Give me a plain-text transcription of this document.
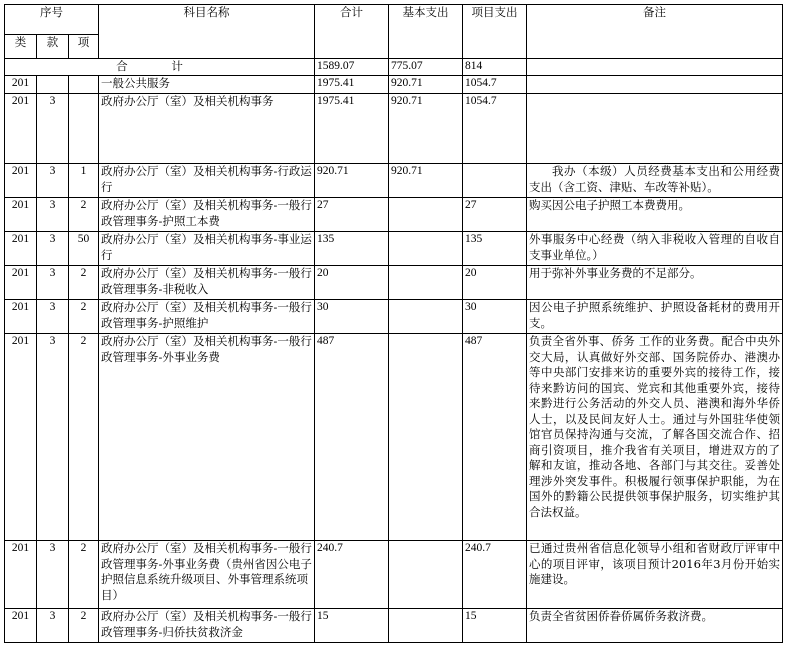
序号			科目名称	合计	基本支出	项目支出	备注
类	款	项					
合 计				1589.07	775.07	814	
201			一般公共服务	1975.41	920.71	1054.7	
201	3		政府办公厅（室）及相关机构事务	1975.41	920.71	1054.7	
201	3	1	政府办公厅（室）及相关机构事务-行政运行	920.71	920.71		我办（本级）人员经费基本支出和公用经费支出（含工资、津贴、车改等补贴）。
201	3	2	政府办公厅（室）及相关机构事务-一般行政管理事务-护照工本费	27		27	购买因公电子护照工本费费用。
201	3	50	政府办公厅（室）及相关机构事务-事业运行	135		135	外事服务中心经费（纳入非税收入管理的自收自支事业单位。）
201	3	2	政府办公厅（室）及相关机构事务-一般行政管理事务-非税收入	20		20	用于弥补外事业务费的不足部分。
201	3	2	政府办公厅（室）及相关机构事务-一般行政管理事务-护照维护	30		30	因公电子护照系统维护、护照设备耗材的费用开支。
201	3	2	政府办公厅（室）及相关机构事务-一般行政管理事务-外事业务费	487		487	负责全省外事、侨务 工作的业务费。配合中央外交大局，认真做好外交部、国务院侨办、港澳办等中央部门安排来访的重要外宾的接待工作，接待来黔访问的国宾、党宾和其他重要外宾，接待来黔进行公务活动的外交人员、港澳和海外华侨人士，以及民间友好人士。通过与外国驻华使领馆官员保持沟通与交流，了解各国交流合作、招商引资项目，推介我省有关项目，增进双方的了解和友谊，推动各地、各部门与其交往。妥善处理涉外突发事件。积极履行领事保护职能，为在国外的黔籍公民提供领事保护服务，切实维护其合法权益。
201	3	2	政府办公厅（室）及相关机构事务-一般行政管理事务-外事业务费（贵州省因公电子护照信息系统升级项目、外事管理系统项目）	240.7		240.7	已通过贵州省信息化领导小组和省财政厅评审中心的项目评审，该项目预计2016年3月份开始实施建设。
201	3	2	政府办公厅（室）及相关机构事务-一般行政管理事务-归侨扶贫救济金	15		15	负责全省贫困侨眷侨属侨务救济费。
